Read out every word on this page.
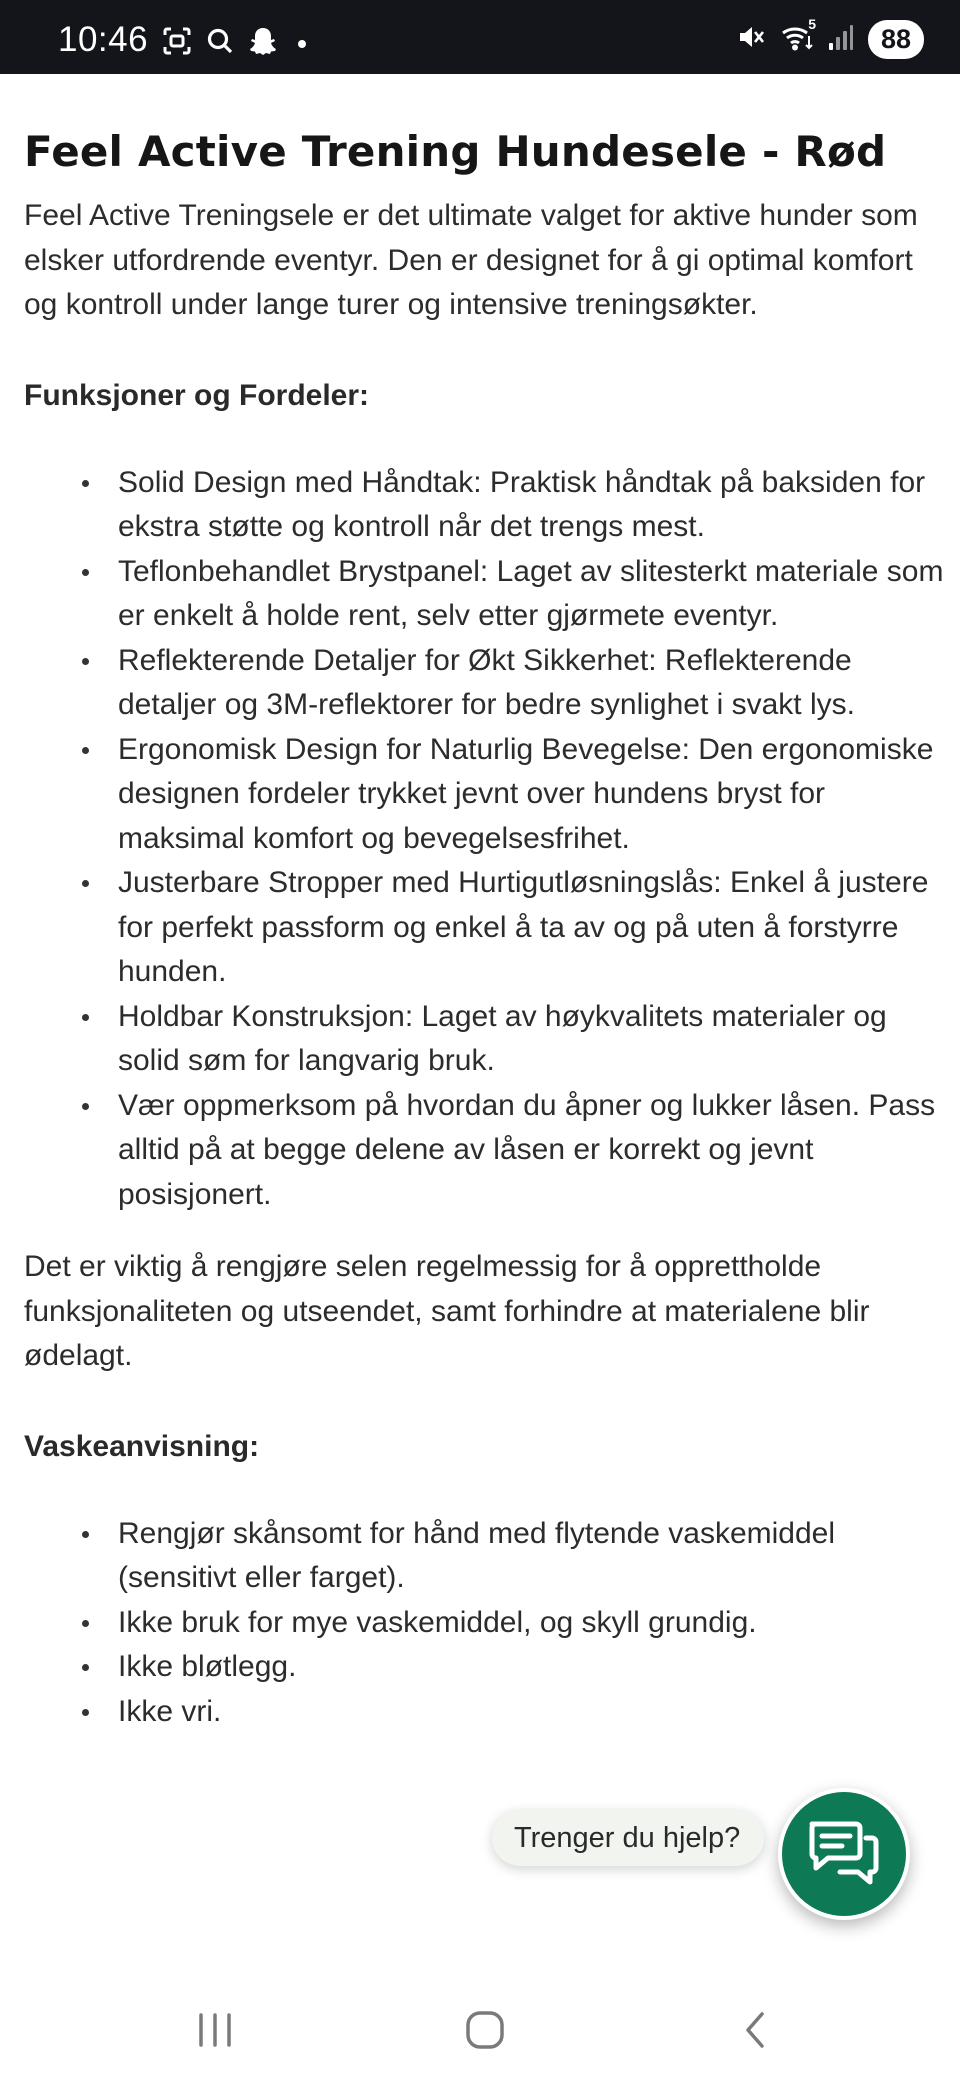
10:46	5	88
Feel Active Trening Hundesele - Rød

Feel Active Treningsele er det ultimate valget for aktive hunder som elsker utfordrende eventyr. Den er designet for å gi optimal komfort og kontroll under lange turer og intensive treningsøkter.

Funksjoner og Fordeler:
Solid Design med Håndtak: Praktisk håndtak på baksiden for ekstra støtte og kontroll når det trengs mest.
Teflonbehandlet Brystpanel: Laget av slitesterkt materiale som er enkelt å holde rent, selv etter gjørmete eventyr.
Reflekterende Detaljer for Økt Sikkerhet: Reflekterende detaljer og 3M-reflektorer for bedre synlighet i svakt lys.
Ergonomisk Design for Naturlig Bevegelse: Den ergonomiske designen fordeler trykket jevnt over hundens bryst for maksimal komfort og bevegelsesfrihet.
Justerbare Stropper med Hurtigutløsningslås: Enkel å justere for perfekt passform og enkel å ta av og på uten å forstyrre hunden.
Holdbar Konstruksjon: Laget av høykvalitets materialer og solid søm for langvarig bruk.
Vær oppmerksom på hvordan du åpner og lukker låsen. Pass alltid på at begge delene av låsen er korrekt og jevnt posisjonert.

Det er viktig å rengjøre selen regelmessig for å opprettholde funksjonaliteten og utseendet, samt forhindre at materialene blir ødelagt.

Vaskeanvisning:
Rengjør skånsomt for hånd med flytende vaskemiddel (sensitivt eller farget).
Ikke bruk for mye vaskemiddel, og skyll grundig.
Ikke bløtlegg.
Ikke vri.
Trenger du hjelp?
